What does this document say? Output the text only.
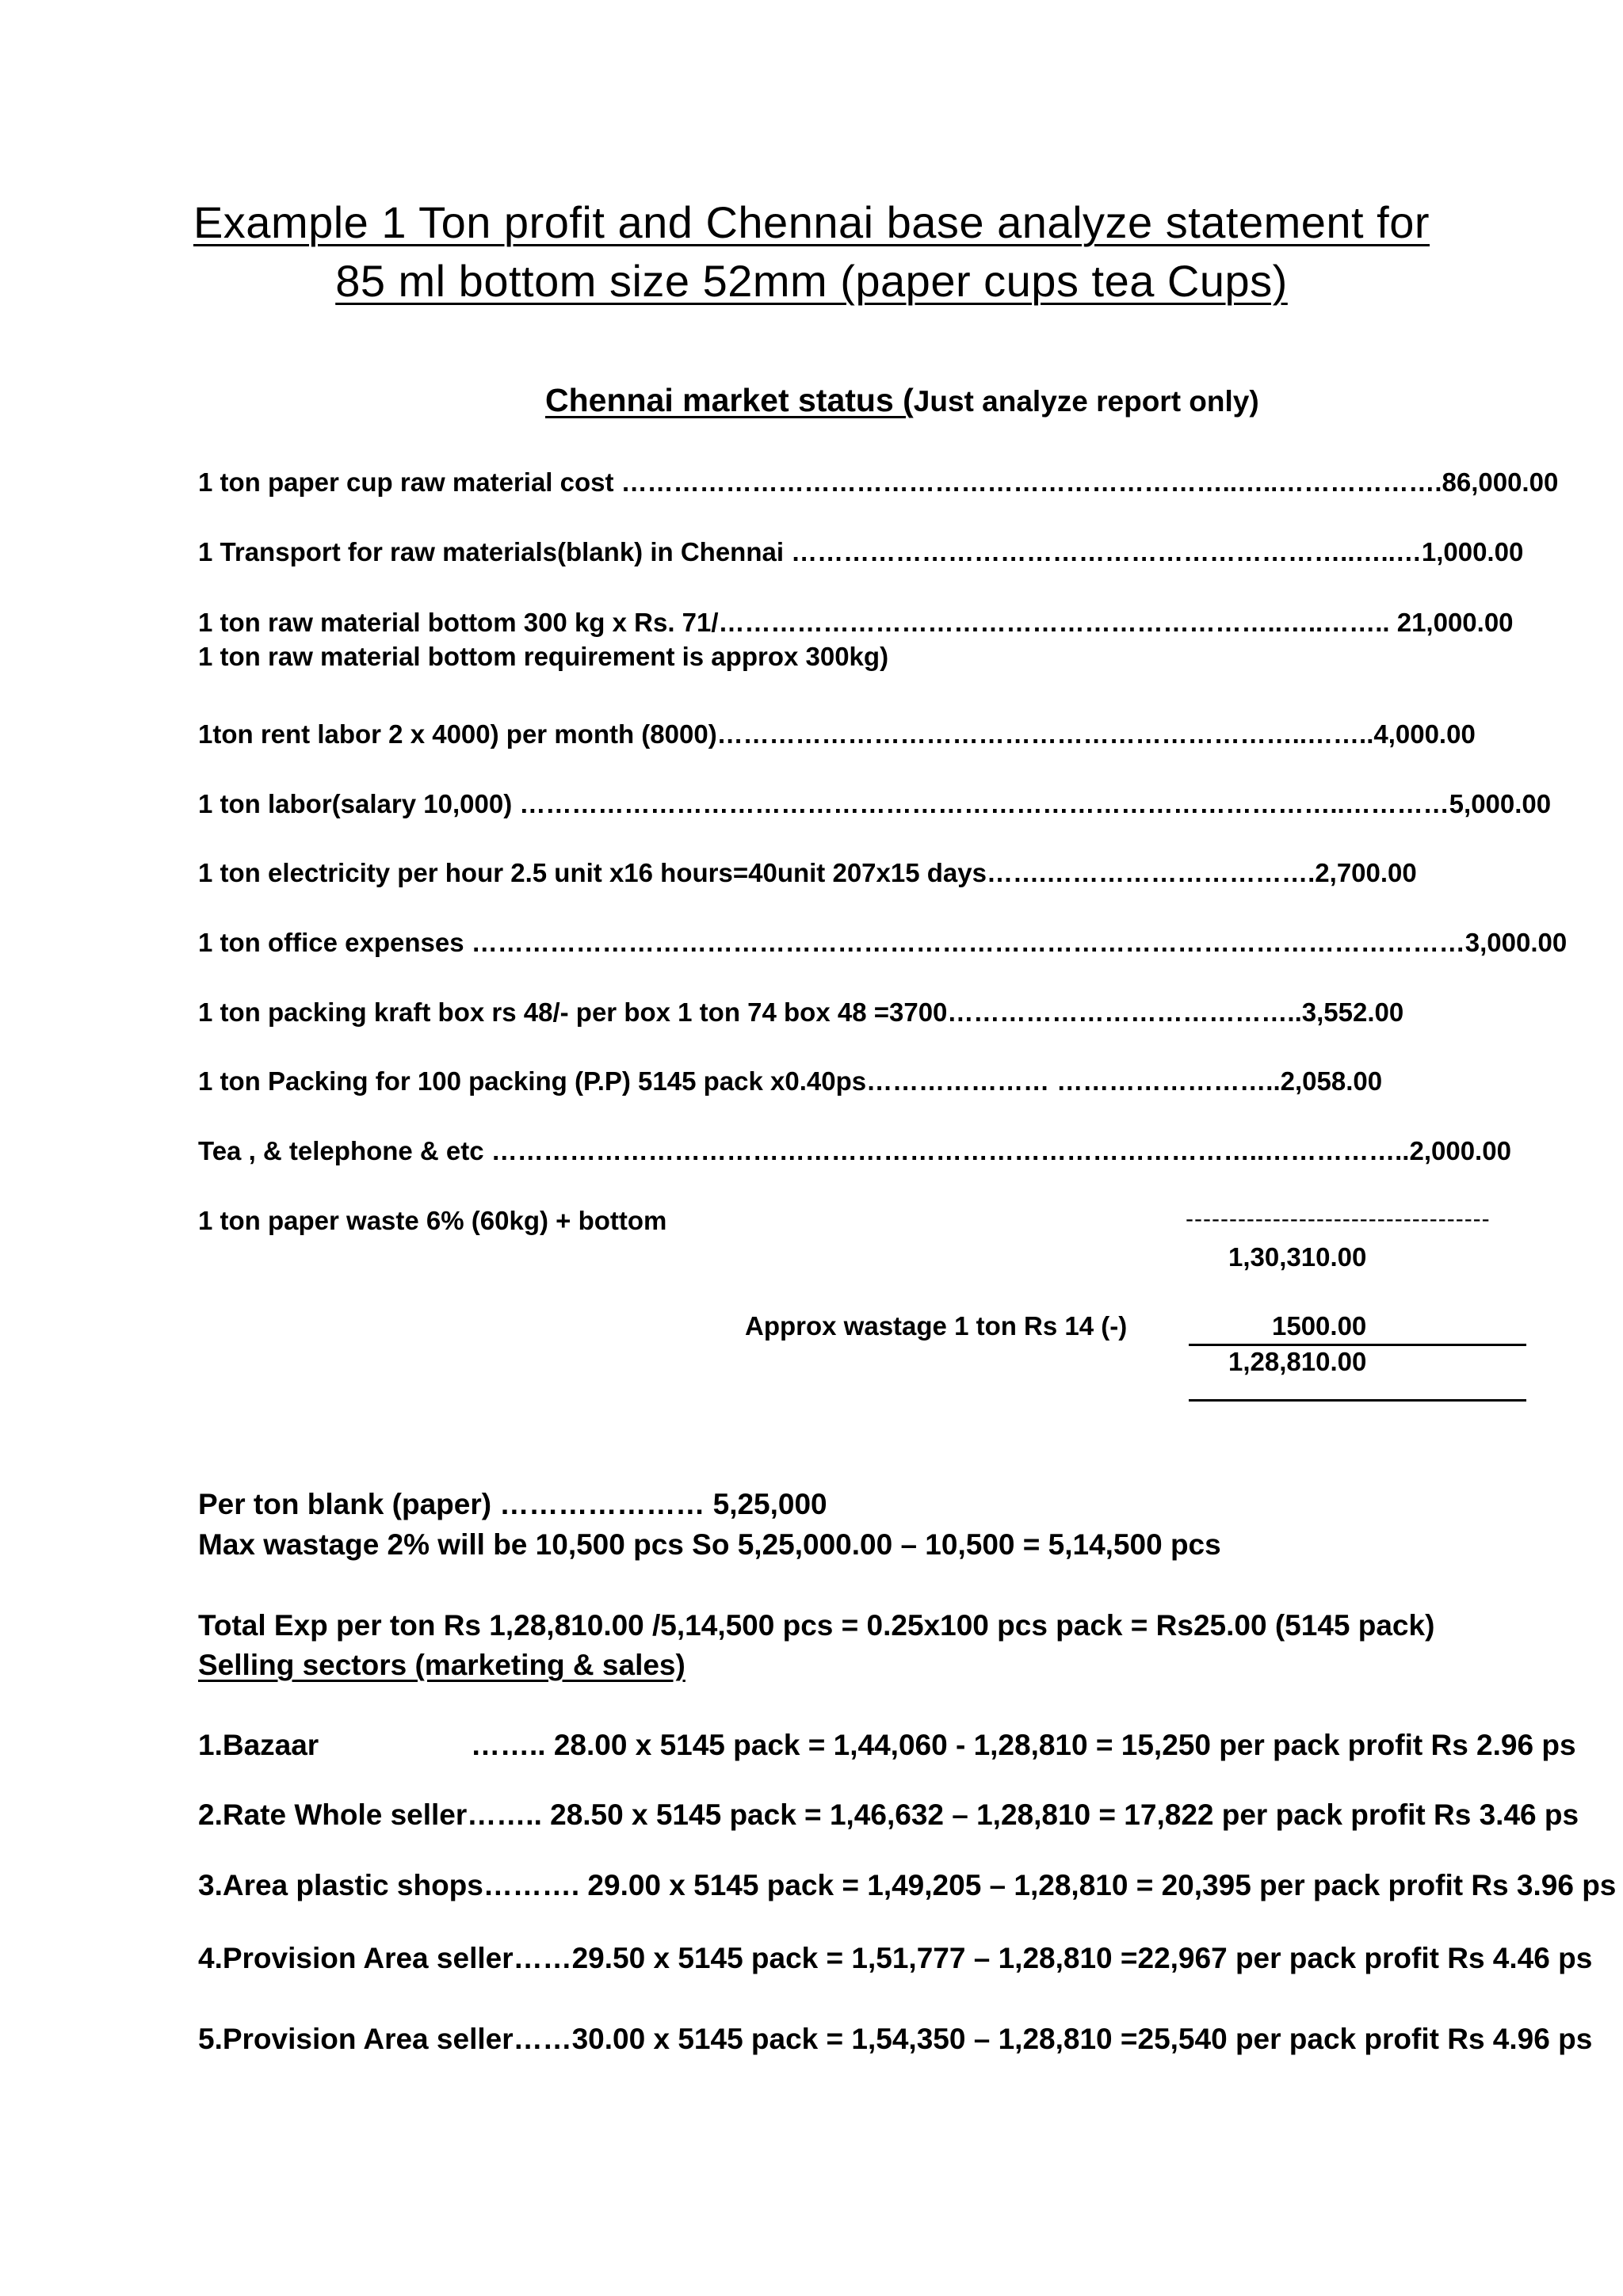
Example 1 Ton profit and Chennai base analyze statement for
85 ml bottom size 52mm (paper cups tea Cups)
Chennai market status (Just analyze report only)
1 ton paper cup raw material cost ……………………………………………………………..…..……………….86,000.00
1 Transport for raw materials(blank) in Chennai ………………………………………………………..…..…1,000.00
1 ton raw material bottom 300 kg x Rs. 71/………………………………………………………..…..…….. 21,000.00
1 ton raw material bottom requirement is approx 300kg)
1ton rent labor 2 x 4000) per month (8000)…………………………………………………………..……..4,000.00
1 ton labor(salary 10,000) …………………………………………………………………………………..…………5,000.00
1 ton electricity per hour 2.5 unit x16 hours=40unit 207x15 days…….………………………….2,700.00
1 ton office expenses ……………………………………………………………………………………………………3,000.00
1 ton packing kraft box rs 48/- per box 1 ton 74 box 48 =3700…………………………………..3,552.00
1 ton Packing for 100 packing (P.P) 5145 pack x0.40ps………………… ……………………..2,058.00
Tea , & telephone & etc ……………………………………………………………………………..……………..2,000.00
1 ton paper waste 6% (60kg) + bottom	-----------------------------------
1,30,310.00
Approx wastage 1 ton Rs 14 (-)	1500.00
1,28,810.00
Per ton blank (paper) ………………… 5,25,000
Max wastage 2% will be 10,500 pcs So 5,25,000.00 – 10,500 = 5,14,500 pcs
Total Exp per ton Rs 1,28,810.00 /5,14,500 pcs = 0.25x100 pcs pack = Rs25.00 (5145 pack)
Selling sectors (marketing & sales)
1.Bazaar	…….. 28.00 x 5145 pack = 1,44,060 - 1,28,810 = 15,250 per pack profit Rs 2.96 ps
2.Rate Whole seller…….. 28.50 x 5145 pack = 1,46,632 – 1,28,810 = 17,822 per pack profit Rs 3.46 ps
3.Area plastic shops………. 29.00 x 5145 pack = 1,49,205 – 1,28,810 = 20,395 per pack profit Rs 3.96 ps
4.Provision Area seller……29.50 x 5145 pack = 1,51,777 – 1,28,810 =22,967 per pack profit Rs 4.46 ps
5.Provision Area seller……30.00 x 5145 pack = 1,54,350 – 1,28,810 =25,540 per pack profit Rs 4.96 ps
